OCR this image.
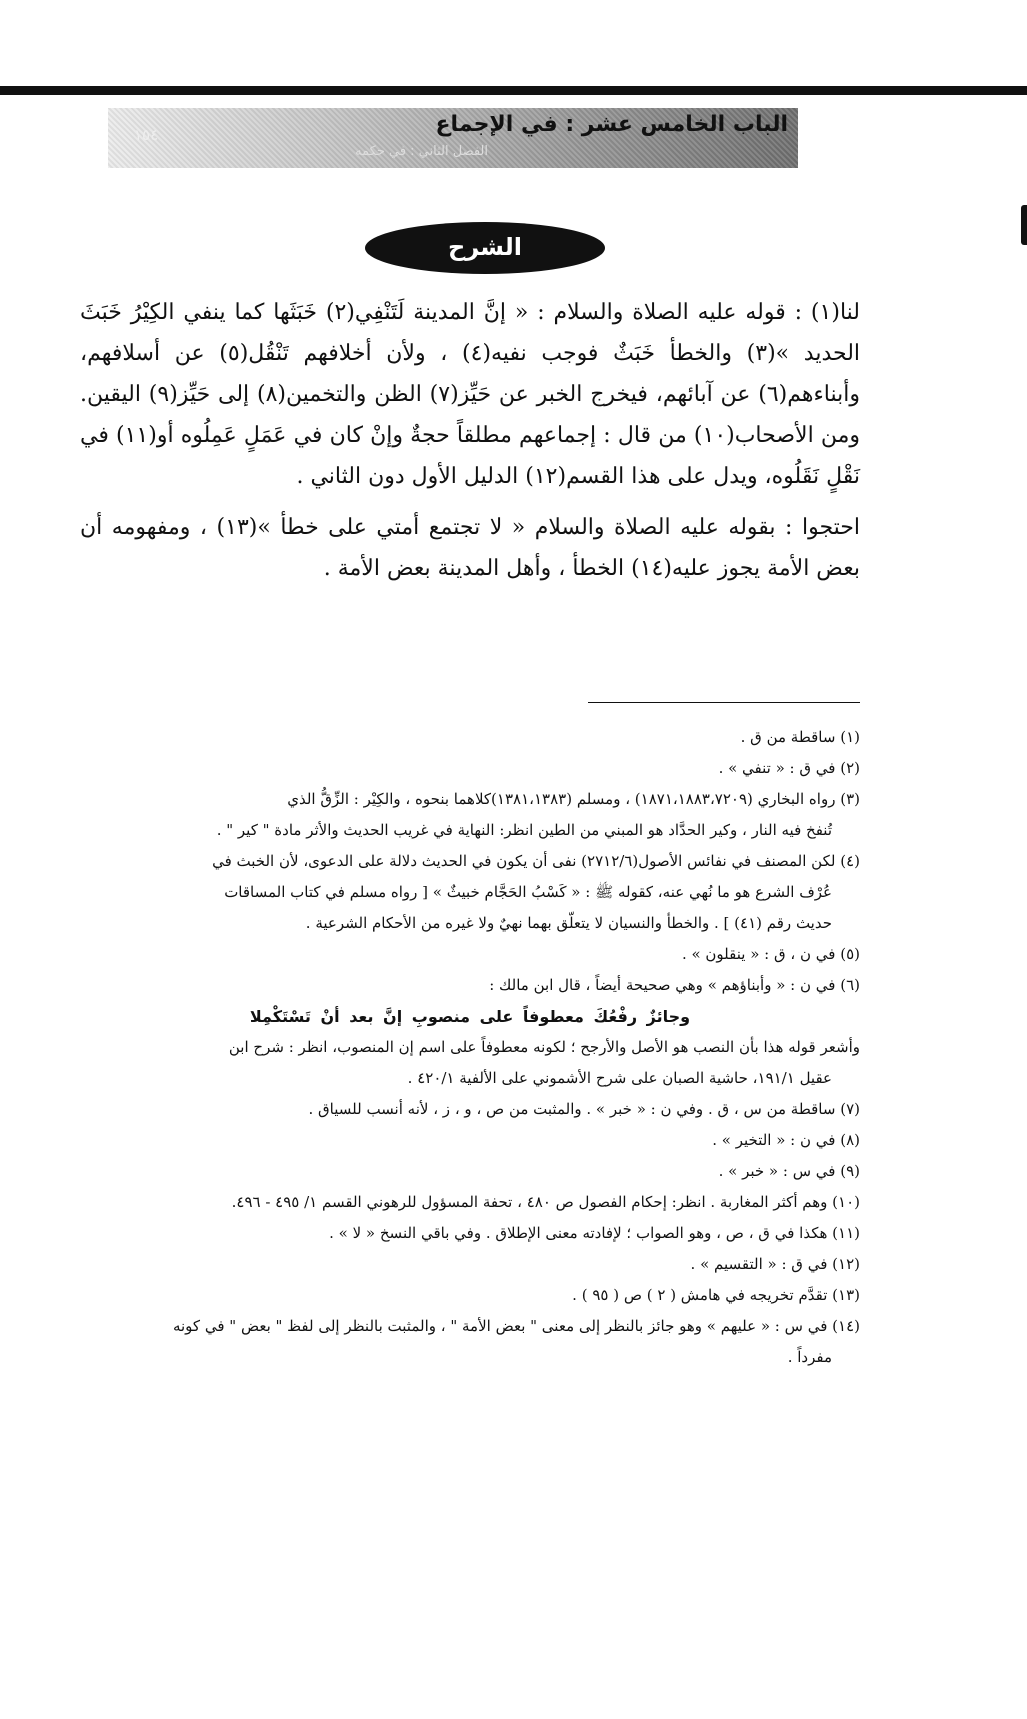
الباب الخامس عشر : في الإجماع
الفصل الثاني : في حكمه
١٥٤
الشرح

لنا(١) : قوله عليه الصلاة والسلام : « إنَّ المدينة لَتَنْفِي(٢) خَبَثَها كما ينفي الكِيْرُ خَبَثَ الحديد »(٣) والخطأ خَبَثٌ فوجب نفيه(٤) ، ولأن أخلافهم تَنْقُل(٥) عن أسلافهم، وأبناءهم(٦) عن آبائهم، فيخرج الخبر عن حَيِّز(٧) الظن والتخمين(٨) إلى حَيِّز(٩) اليقين. ومن الأصحاب(١٠) من قال : إجماعهم مطلقاً حجةٌ وإنْ كان في عَمَلٍ عَمِلُوه أو(١١) في نَقْلٍ نَقَلُوه، ويدل على هذا القسم(١٢) الدليل الأول دون الثاني .

احتجوا : بقوله عليه الصلاة والسلام « لا تجتمع أمتي على خطأ »(١٣) ، ومفهومه أن بعض الأمة يجوز عليه(١٤) الخطأ ، وأهل المدينة بعض الأمة .

(١) ساقطة من ق .
(٢) في ق : « تنفي » .
(٣) رواه البخاري (١٨٧١،١٨٨٣،٧٢٠٩) ، ومسلم (١٣٨١،١٣٨٣)كلاهما بنحوه ، والكِيْر : الزِّقُّ الذي
تُنفخ فيه النار ، وكير الحدَّاد هو المبني من الطين انظر: النهاية في غريب الحديث والأثر مادة " كير " .
(٤) لكن المصنف في نفائس الأصول(٢٧١٢/٦) نفى أن يكون في الحديث دلالة على الدعوى، لأن الخبث في
عُرْف الشرع هو ما نُهي عنه، كقوله ﷺ : « كَسْبُ الحَجَّام خبيثٌ » [ رواه مسلم في كتاب المساقات
حديث رقم (٤١) ] . والخطأ والنسيان لا يتعلّق بهما نهيٌ ولا غيره من الأحكام الشرعية .
(٥) في ن ، ق : « ينقلون » .
(٦) في ن : « وأبناؤهم » وهي صحيحة أيضاً ، قال ابن مالك :
وجائزٌ رفْعُكَ معطوفاً على منصوبِ إنَّ بعد أنْ تَسْتَكْمِلا
وأشعر قوله هذا بأن النصب هو الأصل والأرجح ؛ لكونه معطوفاً على اسم إن المنصوب، انظر : شرح ابن
عقيل ١٩١/١، حاشية الصبان على شرح الأشموني على الألفية ٤٢٠/١ .
(٧) ساقطة من س ، ق . وفي ن : « خبر » . والمثبت من ص ، و ، ز ، لأنه أنسب للسياق .
(٨) في ن : « التخير » .
(٩) في س : « خبر » .
(١٠) وهم أكثر المغاربة . انظر: إحكام الفصول ص ٤٨٠ ، تحفة المسؤول للرهوني القسم ١/ ٤٩٥ - ٤٩٦.
(١١) هكذا في ق ، ص ، وهو الصواب ؛ لإفادته معنى الإطلاق . وفي باقي النسخ « لا » .
(١٢) في ق : « التقسيم » .
(١٣) تقدَّم تخريجه في هامش ( ٢ ) ص ( ٩٥ ) .
(١٤) في س : « عليهم » وهو جائز بالنظر إلى معنى " بعض الأمة " ، والمثبت بالنظر إلى لفظ " بعض " في كونه
مفرداً .
